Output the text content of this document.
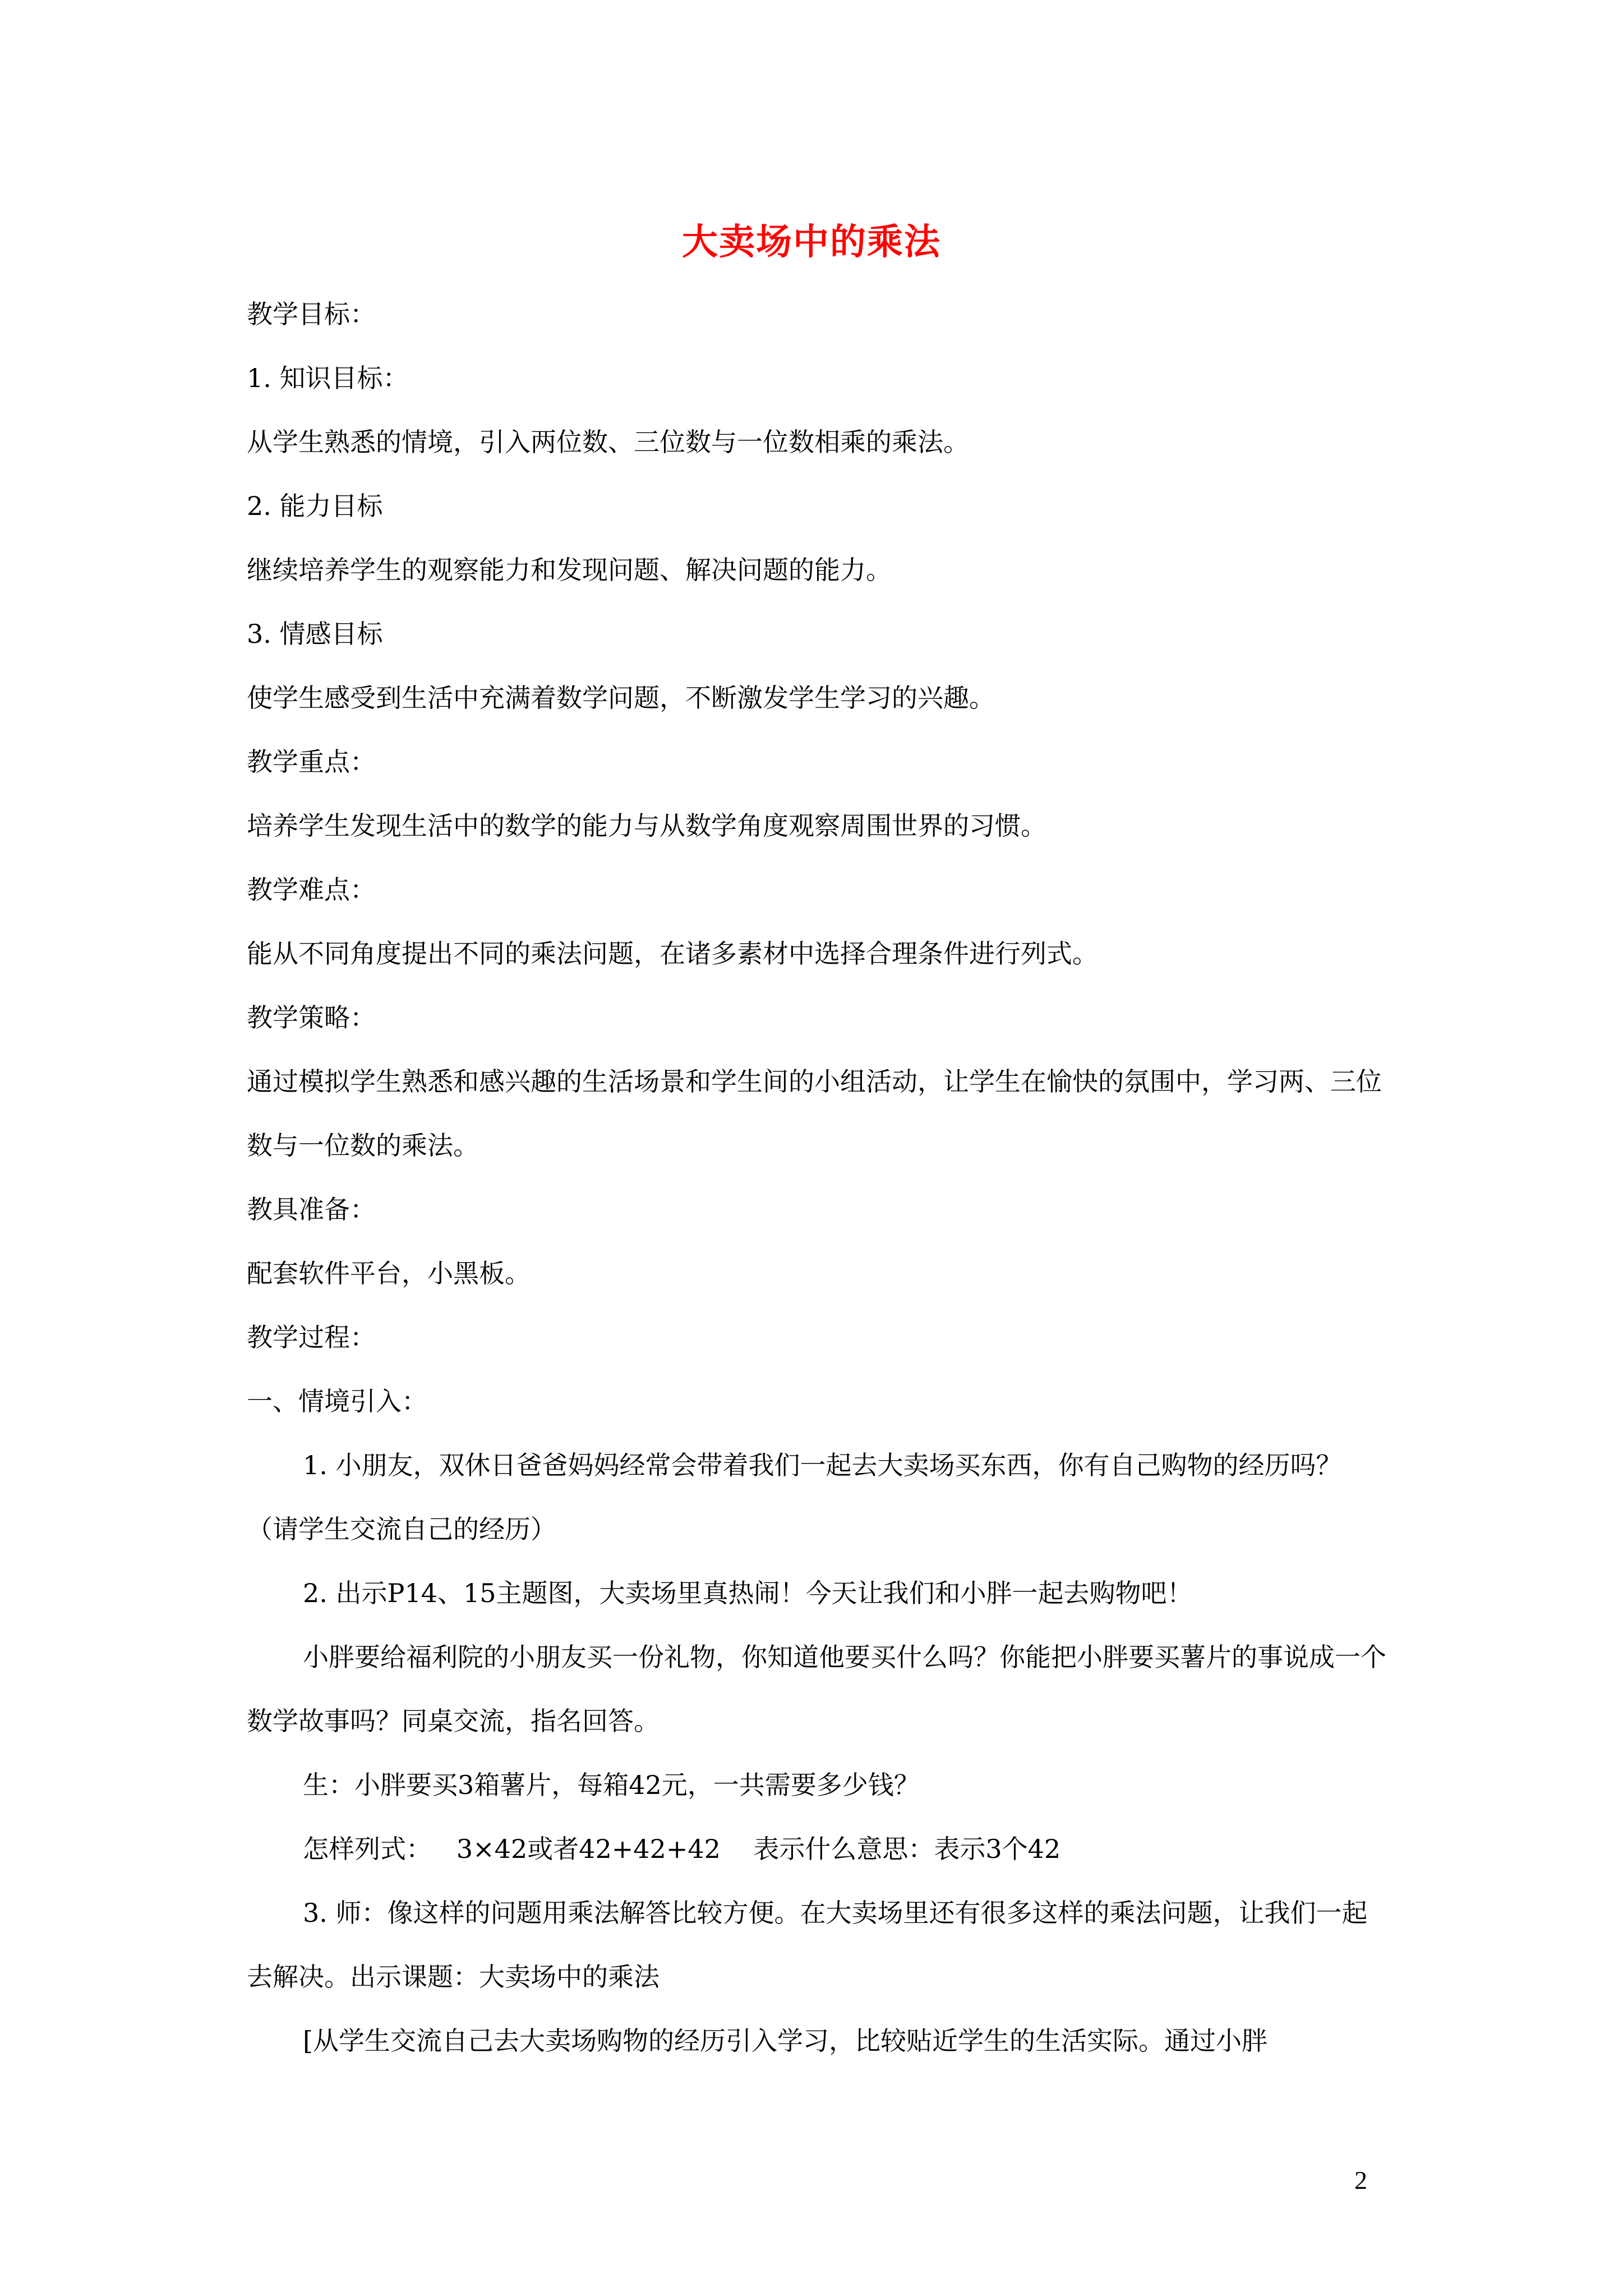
大卖场中的乘法

教学目标：

1. 知识目标：

从学生熟悉的情境，引入两位数、三位数与一位数相乘的乘法。

2. 能力目标

继续培养学生的观察能力和发现问题、解决问题的能力。

3. 情感目标

使学生感受到生活中充满着数学问题，不断激发学生学习的兴趣。

教学重点：

培养学生发现生活中的数学的能力与从数学角度观察周围世界的习惯。

教学难点：

能从不同角度提出不同的乘法问题，在诸多素材中选择合理条件进行列式。

教学策略：

通过模拟学生熟悉和感兴趣的生活场景和学生间的小组活动，让学生在愉快的氛围中，学习两、三位数与一位数的乘法。

教具准备：

配套软件平台，小黑板。

教学过程：

一、情境引入：

1. 小朋友，双休日爸爸妈妈经常会带着我们一起去大卖场买东西，你有自己购物的经历吗？（请学生交流自己的经历）

2. 出示P14、15主题图，大卖场里真热闹！今天让我们和小胖一起去购物吧！

小胖要给福利院的小朋友买一份礼物，你知道他要买什么吗？你能把小胖要买薯片的事说成一个数学故事吗？同桌交流，指名回答。

生：小胖要买3箱薯片，每箱42元，一共需要多少钱？

怎样列式：   3×42或者42+42+42    表示什么意思：表示3个42

3. 师：像这样的问题用乘法解答比较方便。在大卖场里还有很多这样的乘法问题，让我们一起去解决。出示课题：大卖场中的乘法

[从学生交流自己去大卖场购物的经历引入学习，比较贴近学生的生活实际。通过小胖

2
